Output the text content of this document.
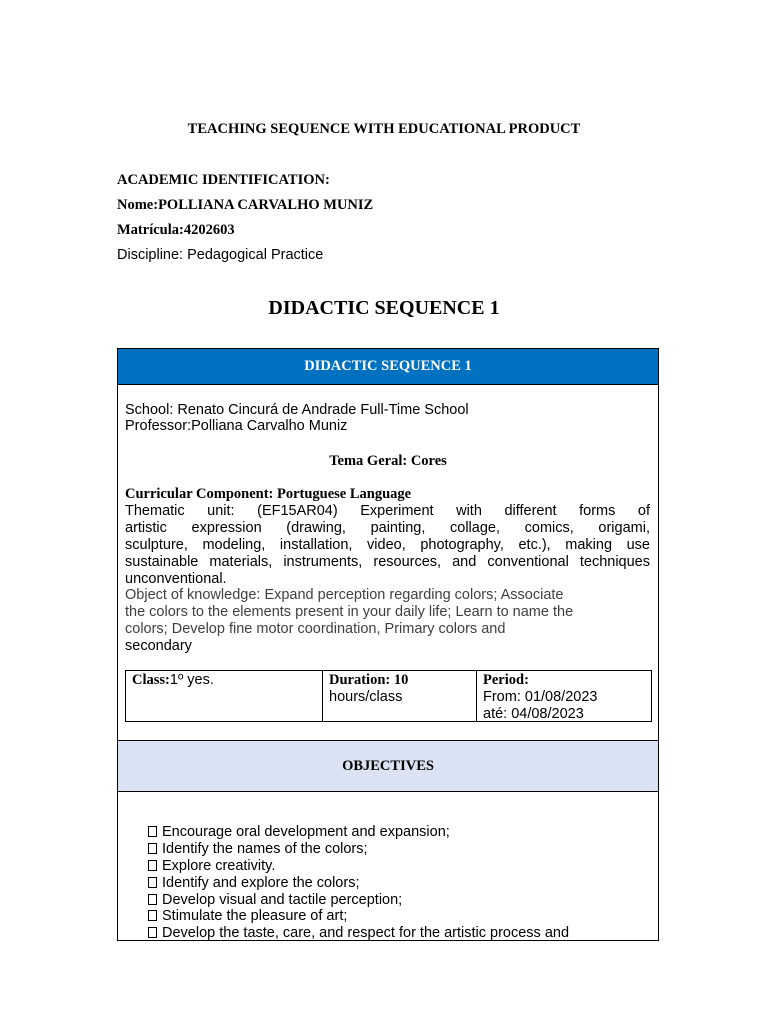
TEACHING SEQUENCE WITH EDUCATIONAL PRODUCT
ACADEMIC IDENTIFICATION:
Nome:POLLIANA CARVALHO MUNIZ
Matrícula:4202603
Discipline: Pedagogical Practice
DIDACTIC SEQUENCE 1
DIDACTIC SEQUENCE 1
School: Renato Cincurá de Andrade Full-Time School
Professor:Polliana Carvalho Muniz
Tema Geral: Cores
Curricular Component: Portuguese Language
Thematic unit: (EF15AR04) Experiment with different forms of
artistic expression (drawing, painting, collage, comics, origami,
sculpture, modeling, installation, video, photography, etc.), making use
sustainable materials, instruments, resources, and conventional techniques
unconventional.
Object of knowledge: Expand perception regarding colors; Associate
the colors to the elements present in your daily life; Learn to name the
colors; Develop fine motor coordination, Primary colors and
secondary
Class:1º yes.	Duration: 10
hours/class
Period:
From: 01/08/2023
até: 04/08/2023
OBJECTIVES
Encourage oral development and expansion;
Identify the names of the colors;
Explore creativity.
Identify and explore the colors;
Develop visual and tactile perception;
Stimulate the pleasure of art;
Develop the taste, care, and respect for the artistic process and
